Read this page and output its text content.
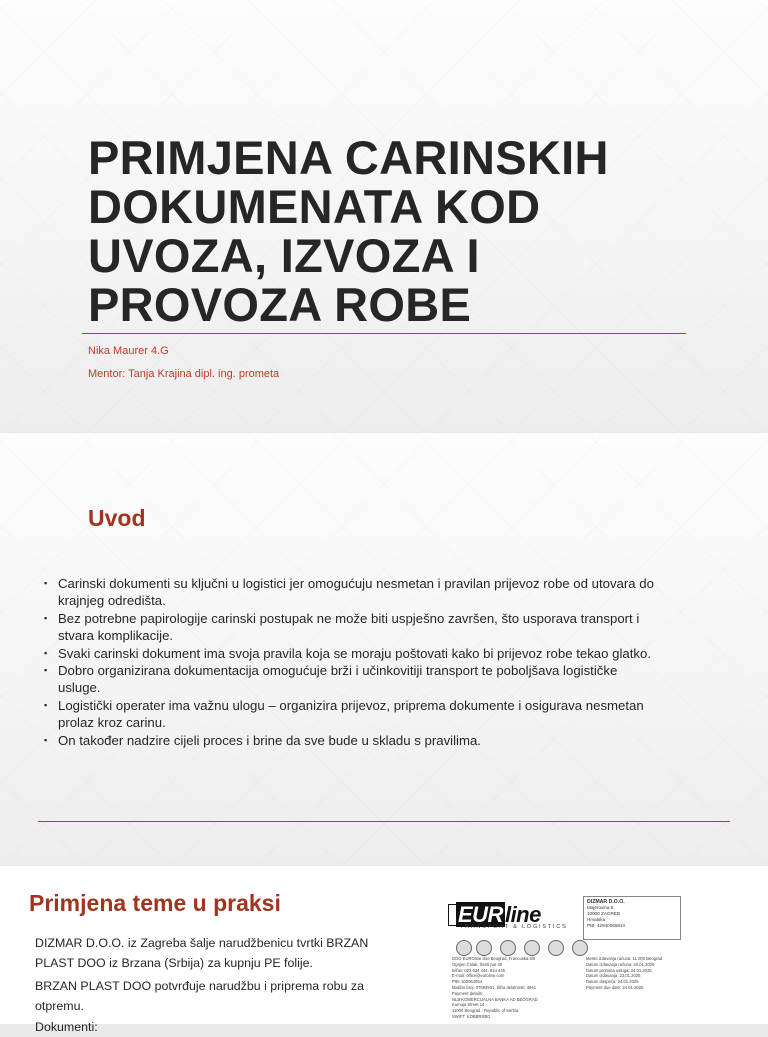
PRIMJENA CARINSKIH
DOKUMENATA KOD
UVOZA, IZVOZA I
PROVOZA ROBE
Nika Maurer 4.G
Mentor: Tanja Krajina dipl. ing. prometa
Uvod
▪ Carinski dokumenti su ključni u logistici jer omogućuju nesmetan i pravilan prijevoz robe od utovara do krajnjeg odredišta.
▪ Bez potrebne papirologije carinski postupak ne može biti uspješno završen, što usporava transport i stvara komplikacije.
▪ Svaki carinski dokument ima svoja pravila koja se moraju poštovati kako bi prijevoz robe tekao glatko.
▪ Dobro organizirana dokumentacija omogućuje brži i učinkovitiji transport te poboljšava logističke usluge.
▪ Logistički operater ima važnu ulogu – organizira prijevoz, priprema dokumente i osigurava nesmetan prolaz kroz carinu.
▪ On također nadzire cijeli proces i brine da sve bude u skladu s pravilima.
Primjena teme u praksi

DIZMAR D.O.O. iz Zagreba šalje narudžbenicu tvrtki BRZAN PLAST DOO iz Brzana (Srbija) za kupnju PE folije.

BRZAN PLAST DOO potvrđuje narudžbu i priprema robu za otpremu.

Dokumenti:

EURline
TRANSPORT & LOGISTICS
DIZMAR D.O.O.
Majerovina 5
10000 ZAGREB
Hrvatska
PIB: 42840065810
DOO EUROline doo Beograd, Francuska 6/II
Ognjen Čolak, Šenti put 30
telfax: 022 624 444, 624 445
E-mail: office@euroline.com
PIB: 100064054
Matični broj: 07693501, Šifra delatnosti: 4941
Payment details:
NLB KOMERCIJALNA BANKA AD BEOGRAD
Kumuja Street 14
11000 Beograd - Republic of Serbia
SWIFT: KOBBRSBG
Mesto izdavanja računa: 11 000 Beograd
Datum izdavanja računa: 24.01.2025
Datum prometa usluga: 24.01.2025
Datum izdavanja: 23.01.2025
Datum dospeća: 24.01.2025
Payment due date: 24.01.2025
